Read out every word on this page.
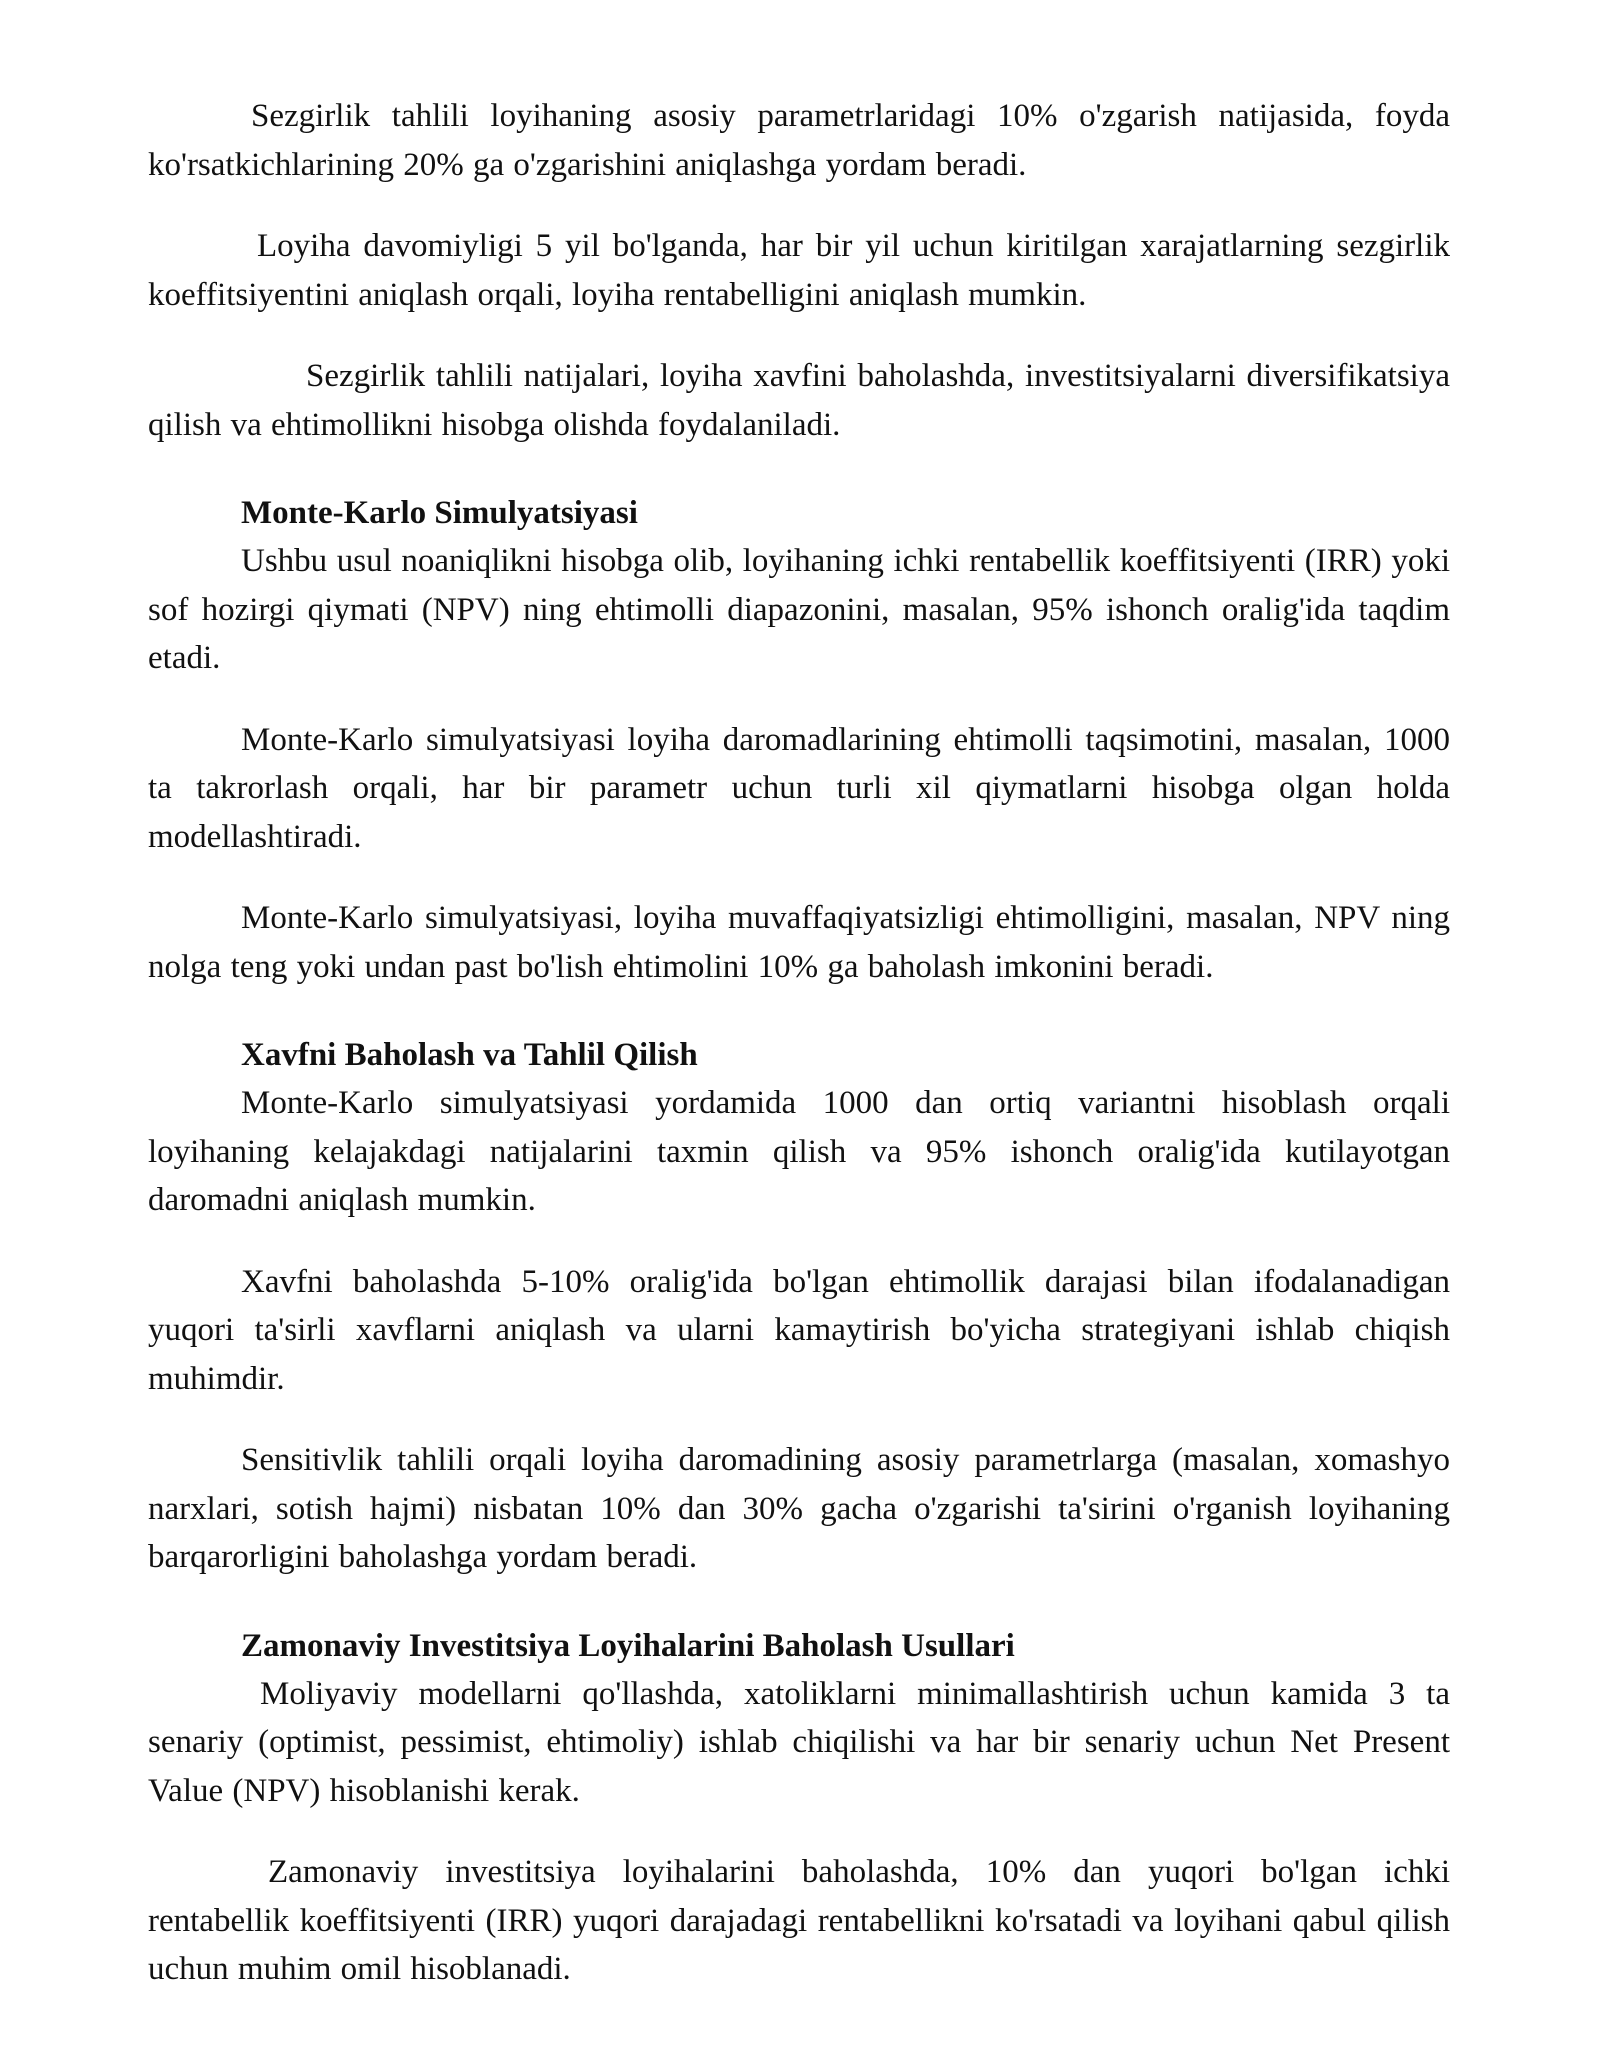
Sezgirlik tahlili loyihaning asosiy parametrlaridagi 10% o'zgarish natijasida, foyda ko'rsatkichlarining 20% ga o'zgarishini aniqlashga yordam beradi.

Loyiha davomiyligi 5 yil bo'lganda, har bir yil uchun kiritilgan xarajatlarning sezgirlik koeffitsiyentini aniqlash orqali, loyiha rentabelligini aniqlash mumkin.

Sezgirlik tahlili natijalari, loyiha xavfini baholashda, investitsiyalarni diversifikatsiya qilish va ehtimollikni hisobga olishda foydalaniladi.

Monte-Karlo Simulyatsiyasi

Ushbu usul noaniqlikni hisobga olib, loyihaning ichki rentabellik koeffitsiyenti (IRR) yoki sof hozirgi qiymati (NPV) ning ehtimolli diapazonini, masalan, 95% ishonch oralig'ida taqdim etadi.

Monte-Karlo simulyatsiyasi loyiha daromadlarining ehtimolli taqsimotini, masalan, 1000 ta takrorlash orqali, har bir parametr uchun turli xil qiymatlarni hisobga olgan holda modellashtiradi.

Monte-Karlo simulyatsiyasi, loyiha muvaffaqiyatsizligi ehtimolligini, masalan, NPV ning nolga teng yoki undan past bo'lish ehtimolini 10% ga baholash imkonini beradi.

Xavfni Baholash va Tahlil Qilish

Monte-Karlo simulyatsiyasi yordamida 1000 dan ortiq variantni hisoblash orqali loyihaning kelajakdagi natijalarini taxmin qilish va 95% ishonch oralig'ida kutilayotgan daromadni aniqlash mumkin.

Xavfni baholashda 5-10% oralig'ida bo'lgan ehtimollik darajasi bilan ifodalanadigan yuqori ta'sirli xavflarni aniqlash va ularni kamaytirish bo'yicha strategiyani ishlab chiqish muhimdir.

Sensitivlik tahlili orqali loyiha daromadining asosiy parametrlarga (masalan, xomashyo narxlari, sotish hajmi) nisbatan 10% dan 30% gacha o'zgarishi ta'sirini o'rganish loyihaning barqarorligini baholashga yordam beradi.

Zamonaviy Investitsiya Loyihalarini Baholash Usullari

Moliyaviy modellarni qo'llashda, xatoliklarni minimallashtirish uchun kamida 3 ta senariy (optimist, pessimist, ehtimoliy) ishlab chiqilishi va har bir senariy uchun Net Present Value (NPV) hisoblanishi kerak.

Zamonaviy investitsiya loyihalarini baholashda, 10% dan yuqori bo'lgan ichki rentabellik koeffitsiyenti (IRR) yuqori darajadagi rentabellikni ko'rsatadi va loyihani qabul qilish uchun muhim omil hisoblanadi.
